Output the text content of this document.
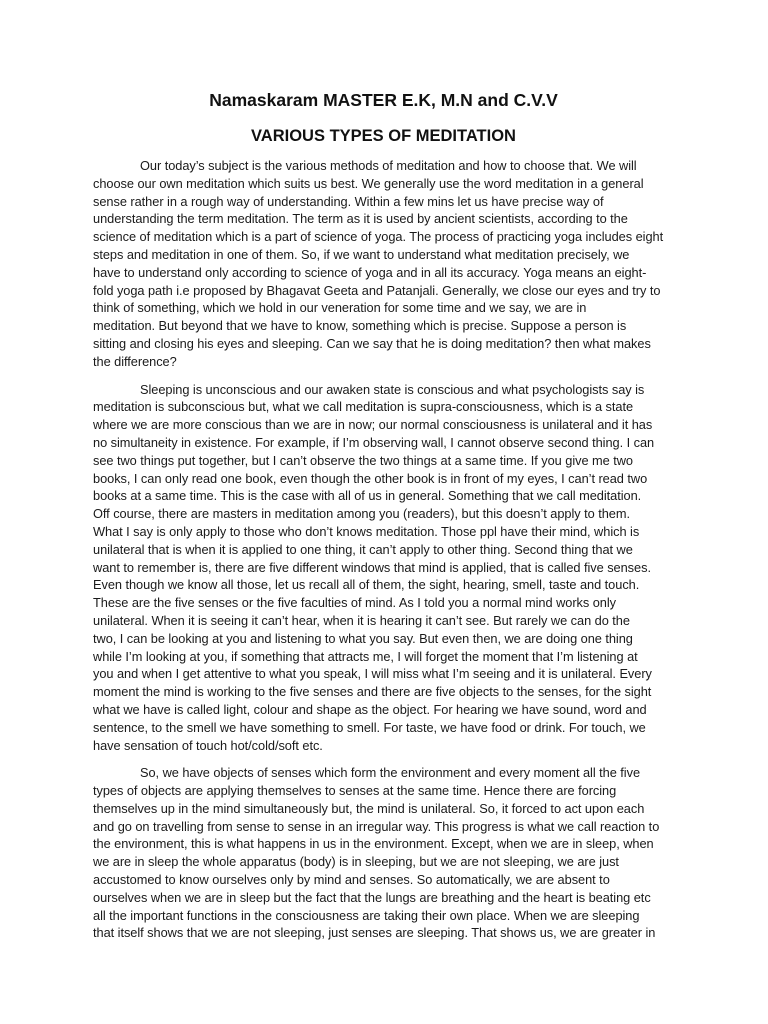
Namaskaram MASTER E.K, M.N and C.V.V
VARIOUS TYPES OF MEDITATION

Our today’s subject is the various methods of meditation and how to choose that. We will
choose our own meditation which suits us best. We generally use the word meditation in a general
sense rather in a rough way of understanding. Within a few mins let us have precise way of
understanding the term meditation. The term as it is used by ancient scientists, according to the
science of meditation which is a part of science of yoga. The process of practicing yoga includes eight
steps and meditation in one of them. So, if we want to understand what meditation precisely, we
have to understand only according to science of yoga and in all its accuracy. Yoga means an eight-
fold yoga path i.e proposed by Bhagavat Geeta and Patanjali. Generally, we close our eyes and try to
think of something, which we hold in our veneration for some time and we say, we are in
meditation. But beyond that we have to know, something which is precise. Suppose a person is
sitting and closing his eyes and sleeping. Can we say that he is doing meditation? then what makes
the difference?

Sleeping is unconscious and our awaken state is conscious and what psychologists say is
meditation is subconscious but, what we call meditation is supra-consciousness, which is a state
where we are more conscious than we are in now; our normal consciousness is unilateral and it has
no simultaneity in existence. For example, if I’m observing wall, I cannot observe second thing. I can
see two things put together, but I can’t observe the two things at a same time. If you give me two
books, I can only read one book, even though the other book is in front of my eyes, I can’t read two
books at a same time. This is the case with all of us in general. Something that we call meditation.
Off course, there are masters in meditation among you (readers), but this doesn’t apply to them.
What I say is only apply to those who don’t knows meditation. Those ppl have their mind, which is
unilateral that is when it is applied to one thing, it can’t apply to other thing. Second thing that we
want to remember is, there are five different windows that mind is applied, that is called five senses.
Even though we know all those, let us recall all of them, the sight, hearing, smell, taste and touch.
These are the five senses or the five faculties of mind. As I told you a normal mind works only
unilateral. When it is seeing it can’t hear, when it is hearing it can’t see. But rarely we can do the
two, I can be looking at you and listening to what you say. But even then, we are doing one thing
while I’m looking at you, if something that attracts me, I will forget the moment that I’m listening at
you and when I get attentive to what you speak, I will miss what I’m seeing and it is unilateral. Every
moment the mind is working to the five senses and there are five objects to the senses, for the sight
what we have is called light, colour and shape as the object. For hearing we have sound, word and
sentence, to the smell we have something to smell. For taste, we have food or drink. For touch, we
have sensation of touch hot/cold/soft etc.

So, we have objects of senses which form the environment and every moment all the five
types of objects are applying themselves to senses at the same time. Hence there are forcing
themselves up in the mind simultaneously but, the mind is unilateral. So, it forced to act upon each
and go on travelling from sense to sense in an irregular way. This progress is what we call reaction to
the environment, this is what happens in us in the environment. Except, when we are in sleep, when
we are in sleep the whole apparatus (body) is in sleeping, but we are not sleeping, we are just
accustomed to know ourselves only by mind and senses. So automatically, we are absent to
ourselves when we are in sleep but the fact that the lungs are breathing and the heart is beating etc
all the important functions in the consciousness are taking their own place. When we are sleeping
that itself shows that we are not sleeping, just senses are sleeping. That shows us, we are greater in
